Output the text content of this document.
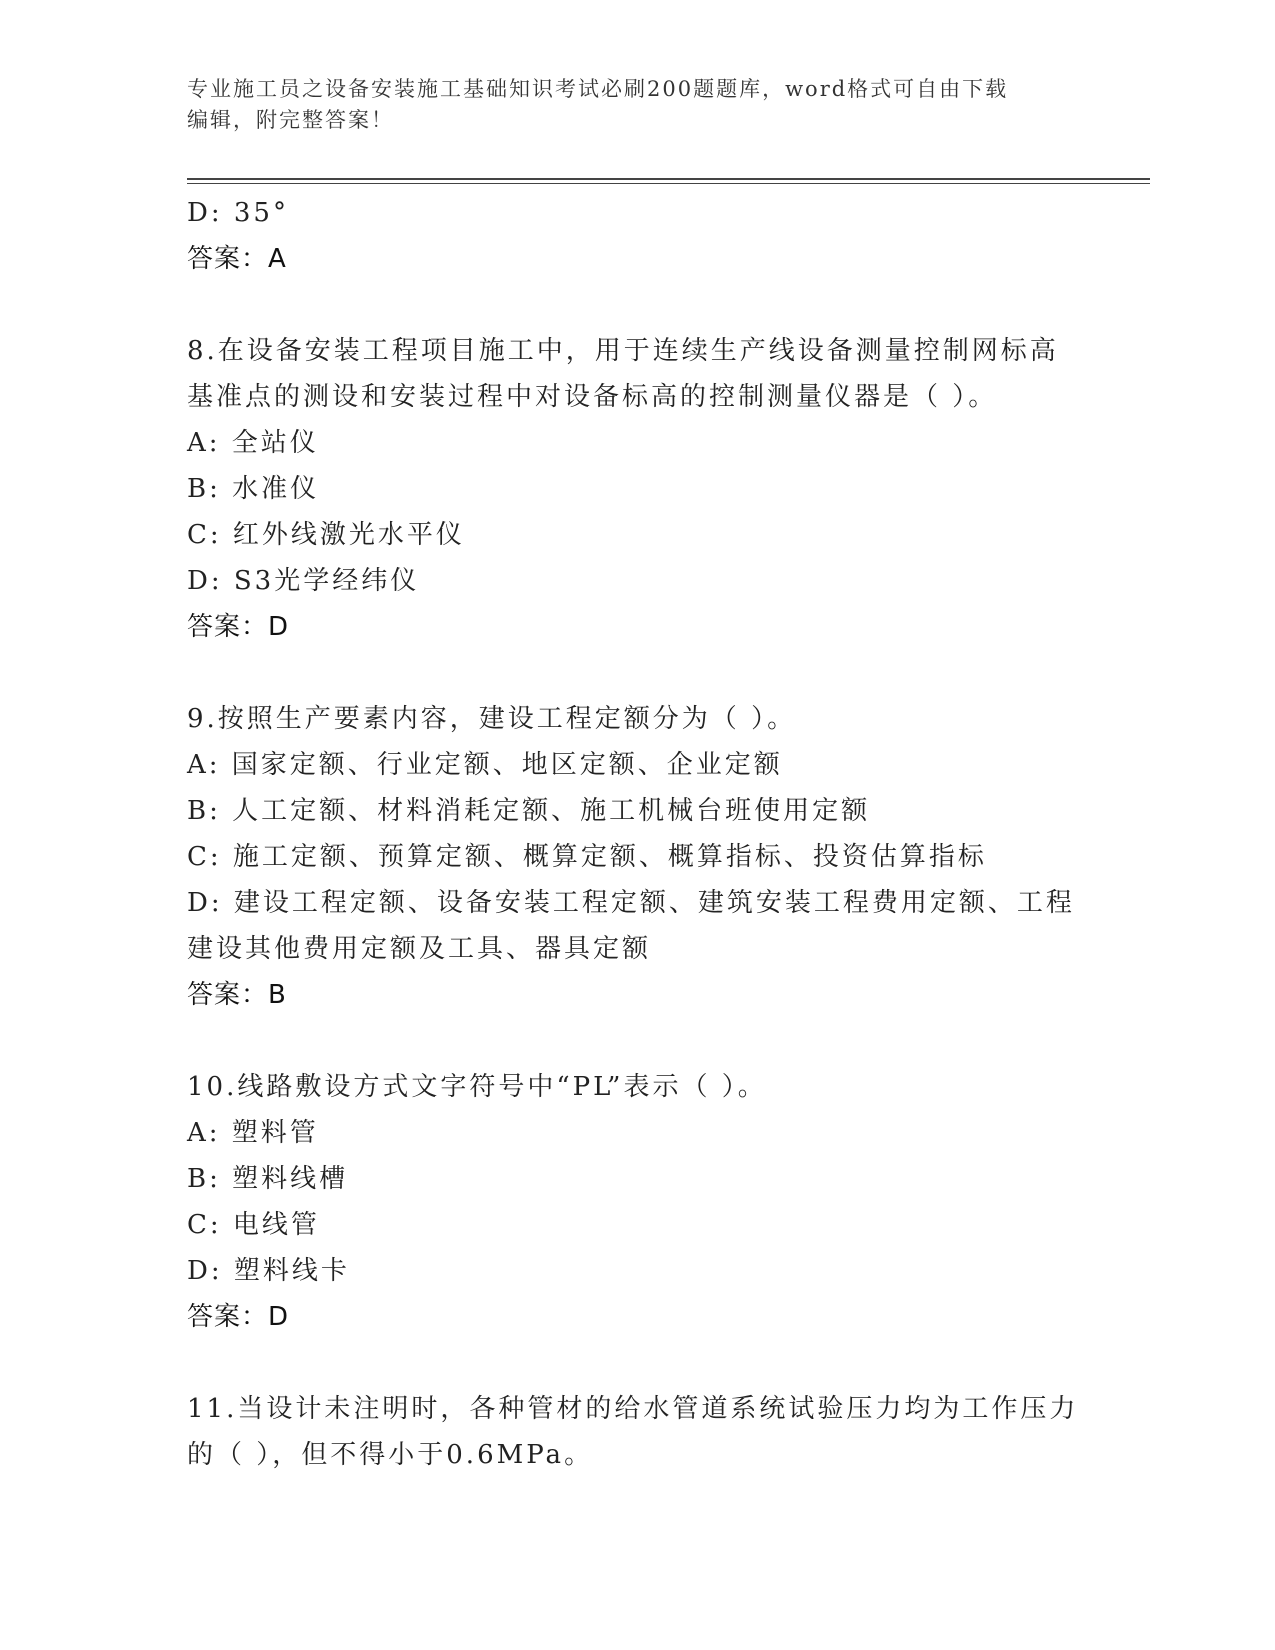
专业施工员之设备安装施工基础知识考试必刷200题题库，word格式可自由下载
编辑，附完整答案！
D: 35°
答案：A
8.在设备安装工程项目施工中，用于连续生产线设备测量控制网标高
基准点的测设和安装过程中对设备标高的控制测量仪器是（ ）。
A: 全站仪
B: 水准仪
C: 红外线激光水平仪
D: S3光学经纬仪
答案：D
9.按照生产要素内容，建设工程定额分为（ ）。
A: 国家定额、行业定额、地区定额、企业定额
B: 人工定额、材料消耗定额、施工机械台班使用定额
C: 施工定额、预算定额、概算定额、概算指标、投资估算指标
D: 建设工程定额、设备安装工程定额、建筑安装工程费用定额、工程
建设其他费用定额及工具、器具定额
答案：B
10.线路敷设方式文字符号中“PL”表示（ ）。
A: 塑料管
B: 塑料线槽
C: 电线管
D: 塑料线卡
答案：D
11.当设计未注明时，各种管材的给水管道系统试验压力均为工作压力
的（ ），但不得小于0.6MPa。
